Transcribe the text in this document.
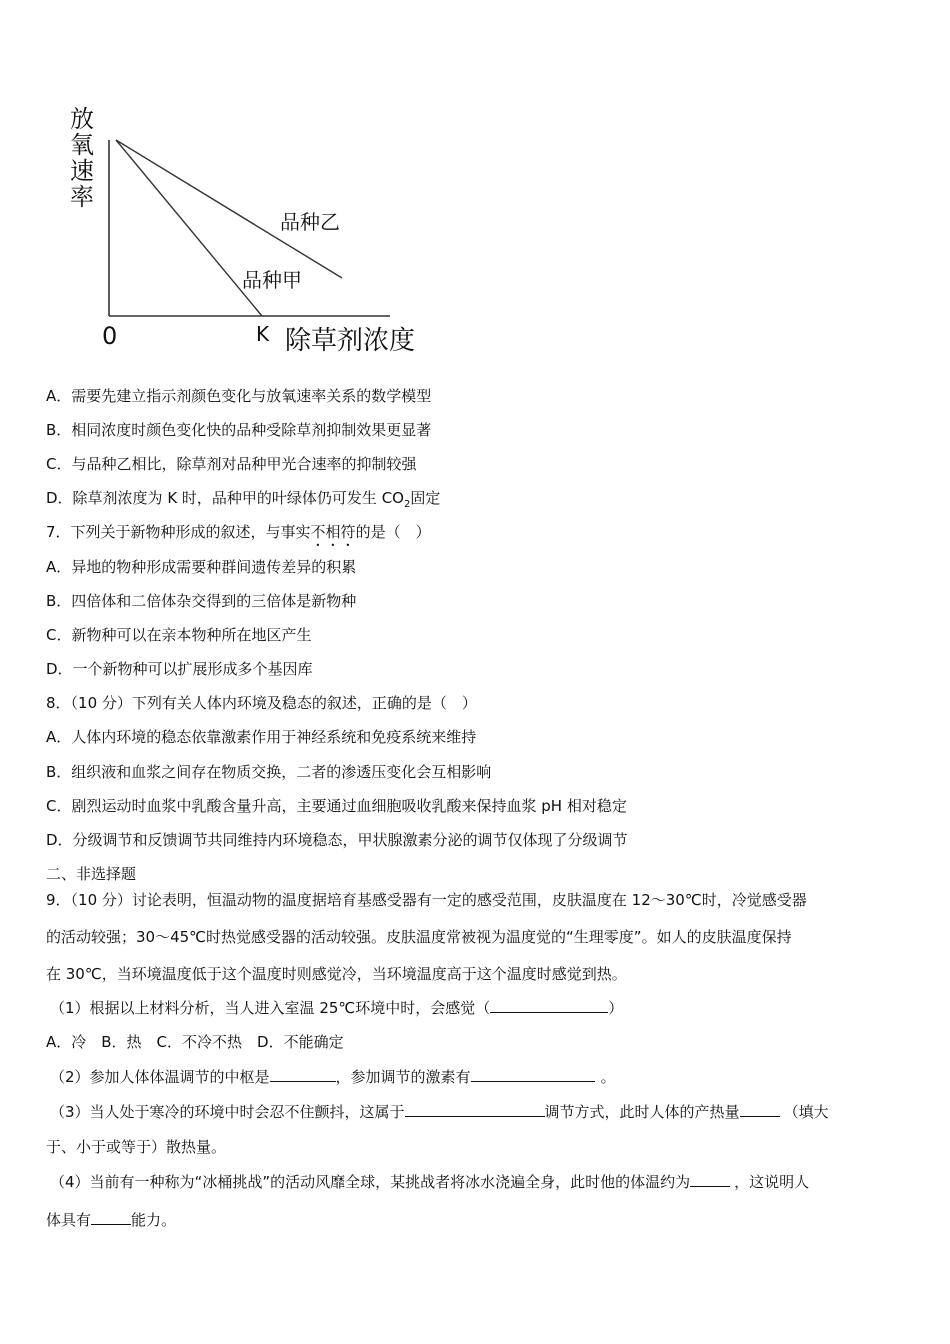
放氧速率
0	K 除草剂浓度
品种乙
品种甲
A．需要先建立指示剂颜色变化与放氧速率关系的数学模型
B．相同浓度时颜色变化快的品种受除草剂抑制效果更显著
C．与品种乙相比，除草剂对品种甲光合速率的抑制较强
D．除草剂浓度为 K 时，品种甲的叶绿体仍可发生 $CO_2$固定
7．下列关于新物种形成的叙述，与事实不相符的是（　）
A．异地的物种形成需要种群间遗传差异的积累
B．四倍体和二倍体杂交得到的三倍体是新物种
C．新物种可以在亲本物种所在地区产生
D．一个新物种可以扩展形成多个基因库
8．（10 分）下列有关人体内环境及稳态的叙述，正确的是（　）
A．人体内环境的稳态依靠激素作用于神经系统和免疫系统来维持
B．组织液和血浆之间存在物质交换，二者的渗透压变化会互相影响
C．剧烈运动时血浆中乳酸含量升高，主要通过血细胞吸收乳酸来保持血浆 pH 相对稳定
D．分级调节和反馈调节共同维持内环境稳态，甲状腺激素分泌的调节仅体现了分级调节
二、非选择题
9．（10 分）讨论表明，恒温动物的温度据培育基感受器有一定的感受范围，皮肤温度在 12～30℃时，冷觉感受器
的活动较强；30～45℃时热觉感受器的活动较强。皮肤温度常被视为温度觉的“生理零度”。如人的皮肤温度保持
在 30℃，当环境温度低于这个温度时则感觉冷，当环境温度高于这个温度时感觉到热。
（1）根据以上材料分析，当人进入室温 25℃环境中时，会感觉（	）
A．冷　B．热　C．不冷不热　D．不能确定
（2）参加人体体温调节的中枢是	，参加调节的激素有	。
（3）当人处于寒冷的环境中时会忍不住颤抖，这属于	调节方式，此时人体的产热量	（填大
于、小于或等于）散热量。
（4）当前有一种称为“冰桶挑战”的活动风靡全球，某挑战者将冰水浇遍全身，此时他的体温约为	，这说明人
体具有	能力。
